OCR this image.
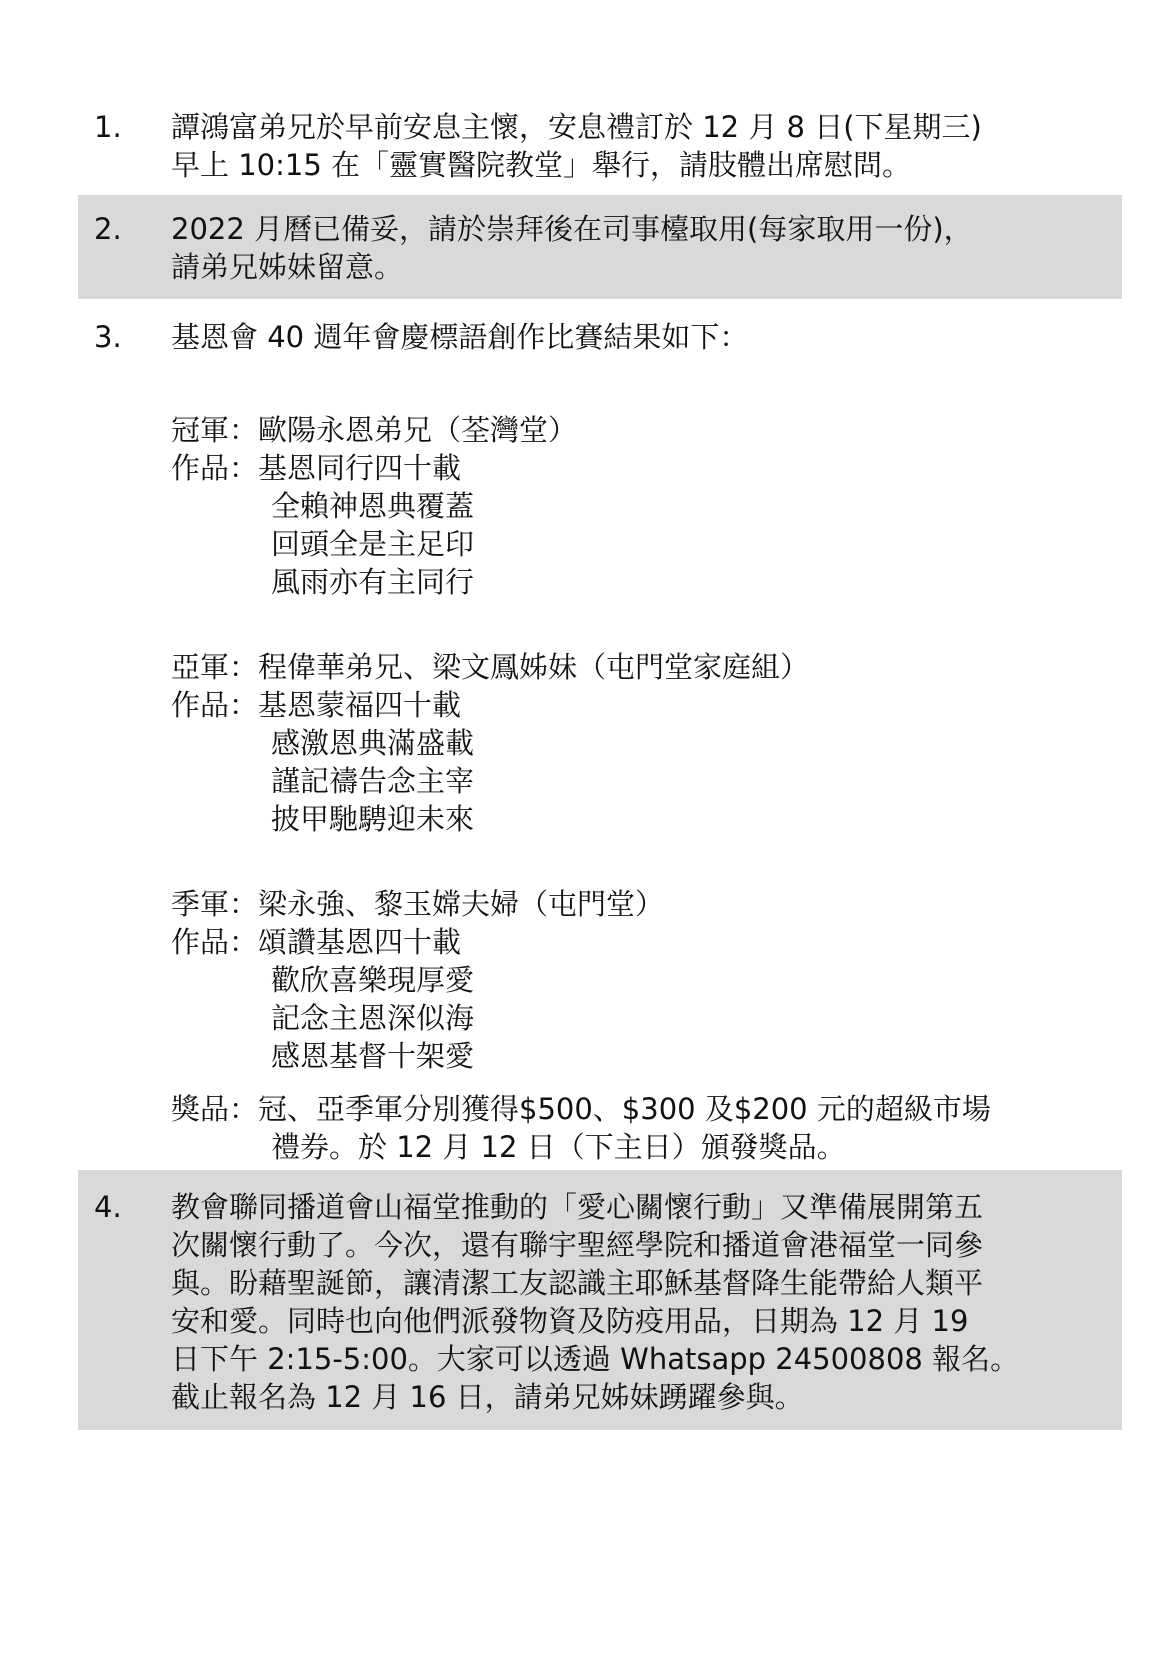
1. 譚鴻富弟兄於早前安息主懷，安息禮訂於 12 月 8 日(下星期三)
早上 10:15 在「靈實醫院教堂」舉行，請肢體出席慰問。
2. 2022 月曆已備妥，請於崇拜後在司事檯取用(每家取用一份)，
請弟兄姊妹留意。
3. 基恩會 40 週年會慶標語創作比賽結果如下：
冠軍：歐陽永恩弟兄（荃灣堂）
作品：基恩同行四十載
全賴神恩典覆蓋
回頭全是主足印
風雨亦有主同行
亞軍：程偉華弟兄、梁文鳳姊妹（屯門堂家庭組）
作品：基恩蒙福四十載
感激恩典滿盛載
謹記禱告念主宰
披甲馳騁迎未來
季軍：梁永強、黎玉嫦夫婦（屯門堂）
作品：頌讚基恩四十載
歡欣喜樂現厚愛
記念主恩深似海
感恩基督十架愛
獎品：冠、亞季軍分別獲得$500、$300 及$200 元的超級市場
禮券。於 12 月 12 日（下主日）頒發獎品。
4. 教會聯同播道會山福堂推動的「愛心關懷行動」又準備展開第五
次關懷行動了。今次，還有聯宇聖經學院和播道會港福堂一同參
與。盼藉聖誕節，讓清潔工友認識主耶穌基督降生能帶給人類平
安和愛。同時也向他們派發物資及防疫用品，日期為 12 月 19
日下午 2:15-5:00。大家可以透過 Whatsapp 24500808 報名。
截止報名為 12 月 16 日，請弟兄姊妹踴躍參與。
